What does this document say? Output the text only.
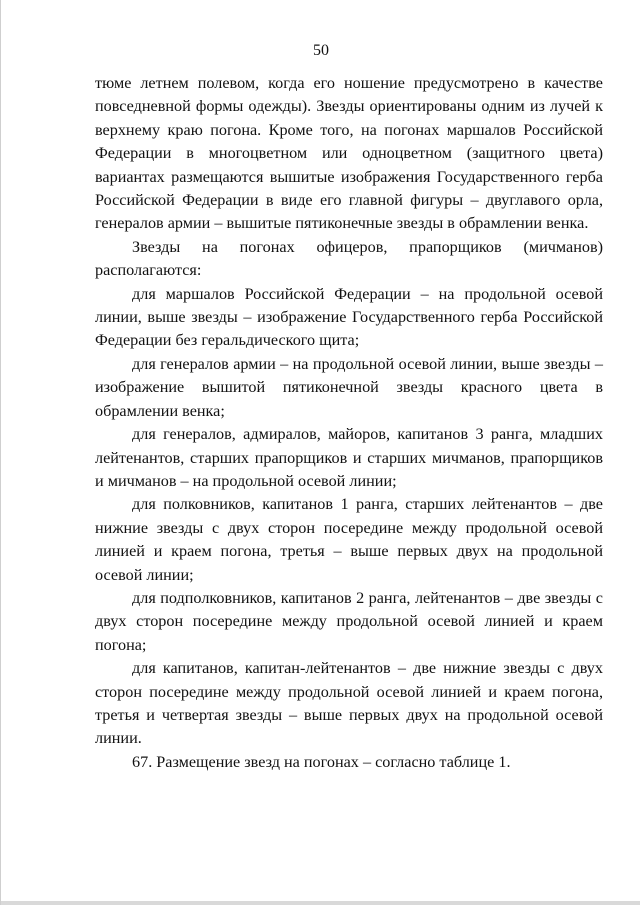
50

тюме летнем полевом, когда его ношение предусмотрено в качестве повседневной формы одежды). Звезды ориентированы одним из лучей к верхнему краю погона. Кроме того, на погонах маршалов Российской Федерации в многоцветном или одноцветном (защитного цвета) вариантах размещаются вышитые изображения Государственного герба Российской Федерации в виде его главной фигуры – двуглавого орла, генералов армии – вышитые пятиконечные звезды в обрамлении венка.

Звезды на погонах офицеров, прапорщиков (мичманов) располагаются:

для маршалов Российской Федерации – на продольной осевой линии, выше звезды – изображение Государственного герба Российской Федерации без геральдического щита;

для генералов армии – на продольной осевой линии, выше звезды – изображение вышитой пятиконечной звезды красного цвета в обрамлении венка;

для генералов, адмиралов, майоров, капитанов 3 ранга, младших лейтенантов, старших прапорщиков и старших мичманов, прапорщиков и мичманов – на продольной осевой линии;

для полковников, капитанов 1 ранга, старших лейтенантов – две нижние звезды с двух сторон посередине между продольной осевой линией и краем погона, третья – выше первых двух на продольной осевой линии;

для подполковников, капитанов 2 ранга, лейтенантов – две звезды с двух сторон посередине между продольной осевой линией и краем погона;

для капитанов, капитан-лейтенантов – две нижние звезды с двух сторон посередине между продольной осевой линией и краем погона, третья и четвертая звезды – выше первых двух на продольной осевой линии.

67. Размещение звезд на погонах – согласно таблице 1.
